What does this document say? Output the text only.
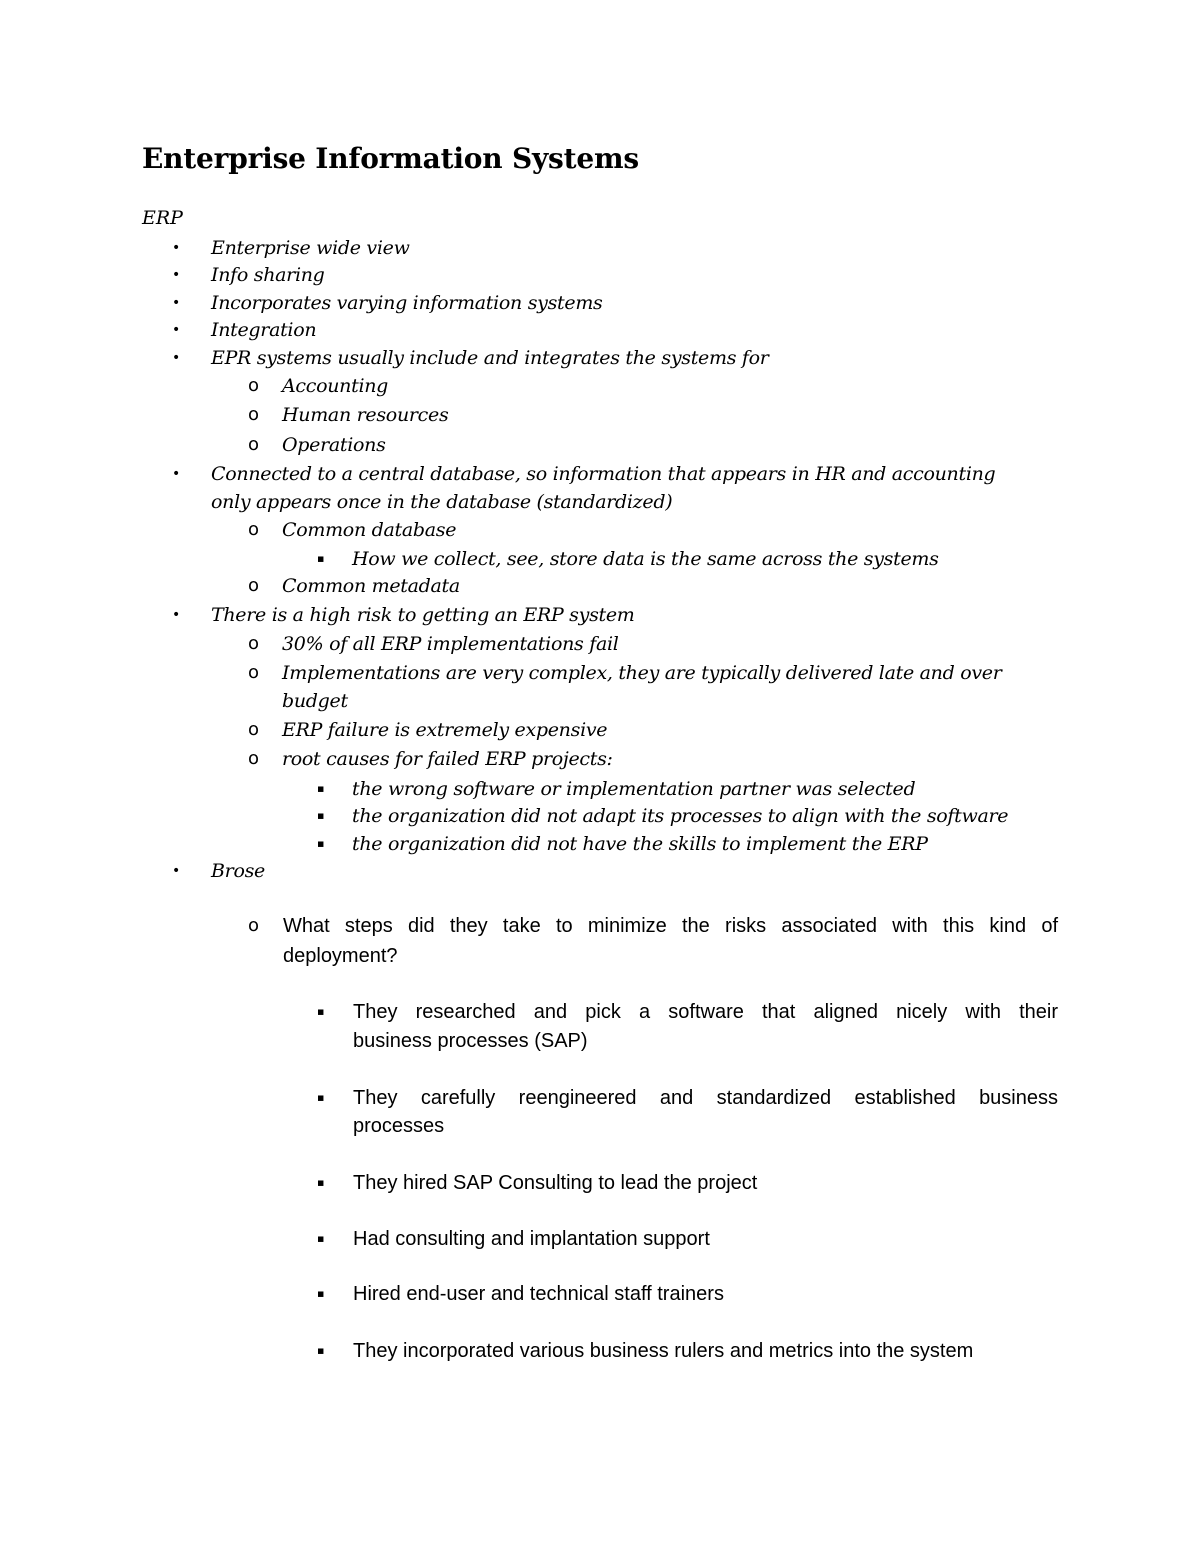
Enterprise Information Systems
ERP
• Enterprise wide view
• Info sharing
• Incorporates varying information systems
• Integration
• EPR systems usually include and integrates the systems for
o Accounting
o Human resources
o Operations
• Connected to a central database, so information that appears in HR and accounting
only appears once in the database (standardized)
o Common database
▪ How we collect, see, store data is the same across the systems
o Common metadata
• There is a high risk to getting an ERP system
o 30% of all ERP implementations fail
o Implementations are very complex, they are typically delivered late and over
budget
o ERP failure is extremely expensive
o root causes for failed ERP projects:
▪ the wrong software or implementation partner was selected
▪ the organization did not adapt its processes to align with the software
▪ the organization did not have the skills to implement the ERP
• Brose
o What steps did they take to minimize the risks associated with this kind of
deployment?
▪ They researched and pick a software that aligned nicely with their
business processes (SAP)
▪ They carefully reengineered and standardized established business
processes
▪ They hired SAP Consulting to lead the project
▪ Had consulting and implantation support
▪ Hired end-user and technical staff trainers
▪ They incorporated various business rulers and metrics into the system
